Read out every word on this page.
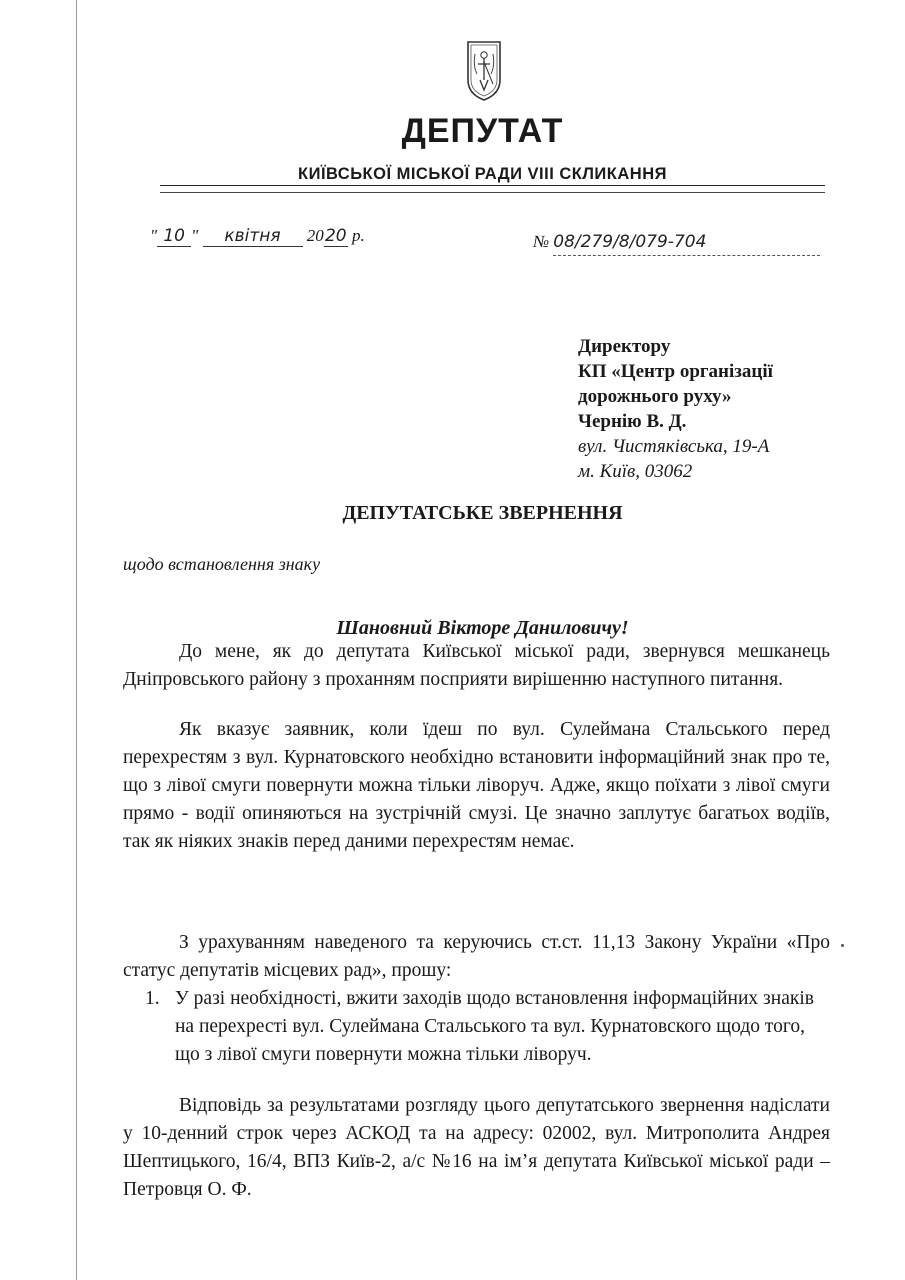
ДЕПУТАТ
КИЇВСЬКОЇ МІСЬКОЇ РАДИ VIII СКЛИКАННЯ
" 10 " квітня 2020 р.	№ 08/279/8/079-704
Директору
КП «Центр організації
дорожнього руху»
Чернію В. Д.
вул. Чистяківська, 19-А
м. Київ, 03062
ДЕПУТАТСЬКЕ ЗВЕРНЕННЯ
щодо встановлення знаку
Шановний Вікторе Даниловичу!
До мене, як до депутата Київської міської ради, звернувся мешканець Дніпровського району з проханням посприяти вирішенню наступного питання.
Як вказує заявник, коли їдеш по вул. Сулеймана Стальського перед перехрестям з вул. Курнатовского необхідно встановити інформаційний знак про те, що з лівої смуги повернути можна тільки ліворуч. Адже, якщо поїхати з лівої смуги прямо - водії опиняються на зустрічній смузі. Це значно заплутує багатьох водіїв, так як ніяких знаків перед даними перехрестям немає.
З урахуванням наведеного та керуючись ст.ст. 11,13 Закону України «Про статус депутатів місцевих рад», прошу:
1. У разі необхідності, вжити заходів щодо встановлення інформаційних знаків на перехресті вул. Сулеймана Стальського та вул. Курнатовского щодо того, що з лівої смуги повернути можна тільки ліворуч.
Відповідь за результатами розгляду цього депутатського звернення надіслати у 10-денний строк через АСКОД та на адресу: 02002, вул. Митрополита Андрея Шептицького, 16/4, ВПЗ Київ-2, а/с №16 на ім’я депутата Київської міської ради – Петровця О. Ф.
